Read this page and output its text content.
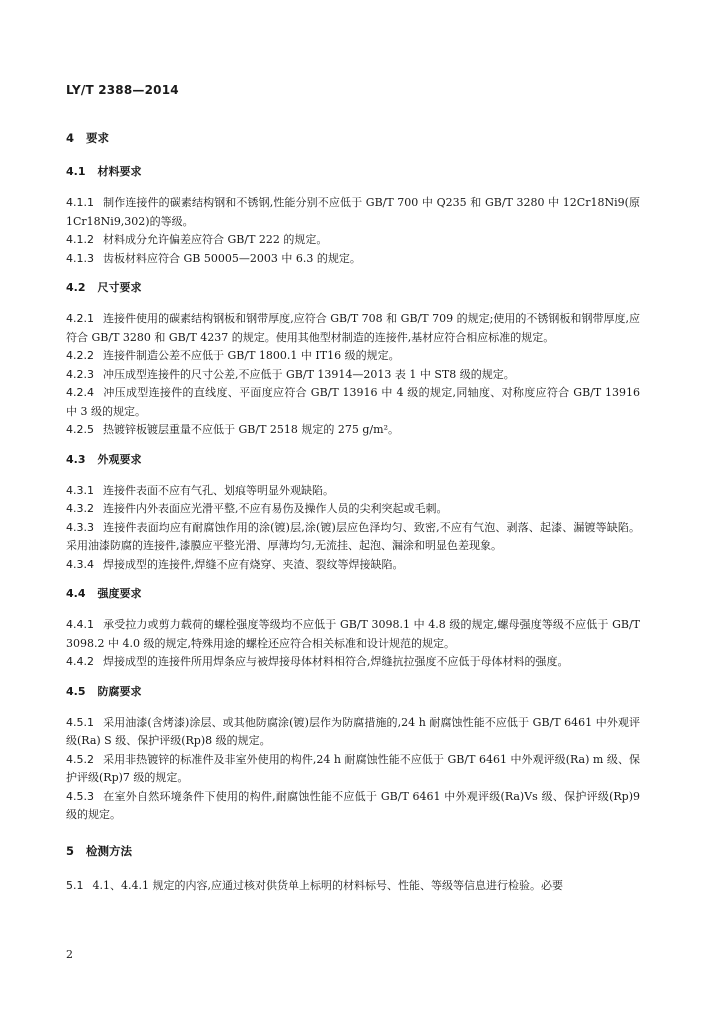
LY/T 2388—2014
4 要求
4.1 材料要求

4.1.1 制作连接件的碳素结构钢和不锈钢,性能分别不应低于 GB/T 700 中 Q235 和 GB/T 3280 中 12Cr18Ni9(原 1Cr18Ni9,302)的等级。

4.1.2 材料成分允许偏差应符合 GB/T 222 的规定。

4.1.3 齿板材料应符合 GB 50005—2003 中 6.3 的规定。

4.2 尺寸要求

4.2.1 连接件使用的碳素结构钢板和钢带厚度,应符合 GB/T 708 和 GB/T 709 的规定;使用的不锈钢板和钢带厚度,应符合 GB/T 3280 和 GB/T 4237 的规定。使用其他型材制造的连接件,基材应符合相应标准的规定。

4.2.2 连接件制造公差不应低于 GB/T 1800.1 中 IT16 级的规定。

4.2.3 冲压成型连接件的尺寸公差,不应低于 GB/T 13914—2013 表 1 中 ST8 级的规定。

4.2.4 冲压成型连接件的直线度、平面度应符合 GB/T 13916 中 4 级的规定,同轴度、对称度应符合 GB/T 13916 中 3 级的规定。

4.2.5 热镀锌板镀层重量不应低于 GB/T 2518 规定的 275 g/m²。

4.3 外观要求

4.3.1 连接件表面不应有气孔、划痕等明显外观缺陷。

4.3.2 连接件内外表面应光滑平整,不应有易伤及操作人员的尖利突起或毛刺。

4.3.3 连接件表面均应有耐腐蚀作用的涂(镀)层,涂(镀)层应色泽均匀、致密,不应有气泡、剥落、起漆、漏镀等缺陷。采用油漆防腐的连接件,漆膜应平整光滑、厚薄均匀,无流挂、起泡、漏涂和明显色差现象。

4.3.4 焊接成型的连接件,焊缝不应有烧穿、夹渣、裂纹等焊接缺陷。

4.4 强度要求

4.4.1 承受拉力或剪力载荷的螺栓强度等级均不应低于 GB/T 3098.1 中 4.8 级的规定,螺母强度等级不应低于 GB/T 3098.2 中 4.0 级的规定,特殊用途的螺栓还应符合相关标准和设计规范的规定。

4.4.2 焊接成型的连接件所用焊条应与被焊接母体材料相符合,焊缝抗拉强度不应低于母体材料的强度。

4.5 防腐要求

4.5.1 采用油漆(含烤漆)涂层、或其他防腐涂(镀)层作为防腐措施的,24 h 耐腐蚀性能不应低于 GB/T 6461 中外观评级(Ra) S 级、保护评级(Rp)8 级的规定。

4.5.2 采用非热镀锌的标准件及非室外使用的构件,24 h 耐腐蚀性能不应低于 GB/T 6461 中外观评级(Ra) m 级、保护评级(Rp)7 级的规定。

4.5.3 在室外自然环境条件下使用的构件,耐腐蚀性能不应低于 GB/T 6461 中外观评级(Ra)Vs 级、保护评级(Rp)9 级的规定。

5 检测方法

5.1 4.1、4.4.1 规定的内容,应通过核对供货单上标明的材料标号、性能、等级等信息进行检验。必要

2
